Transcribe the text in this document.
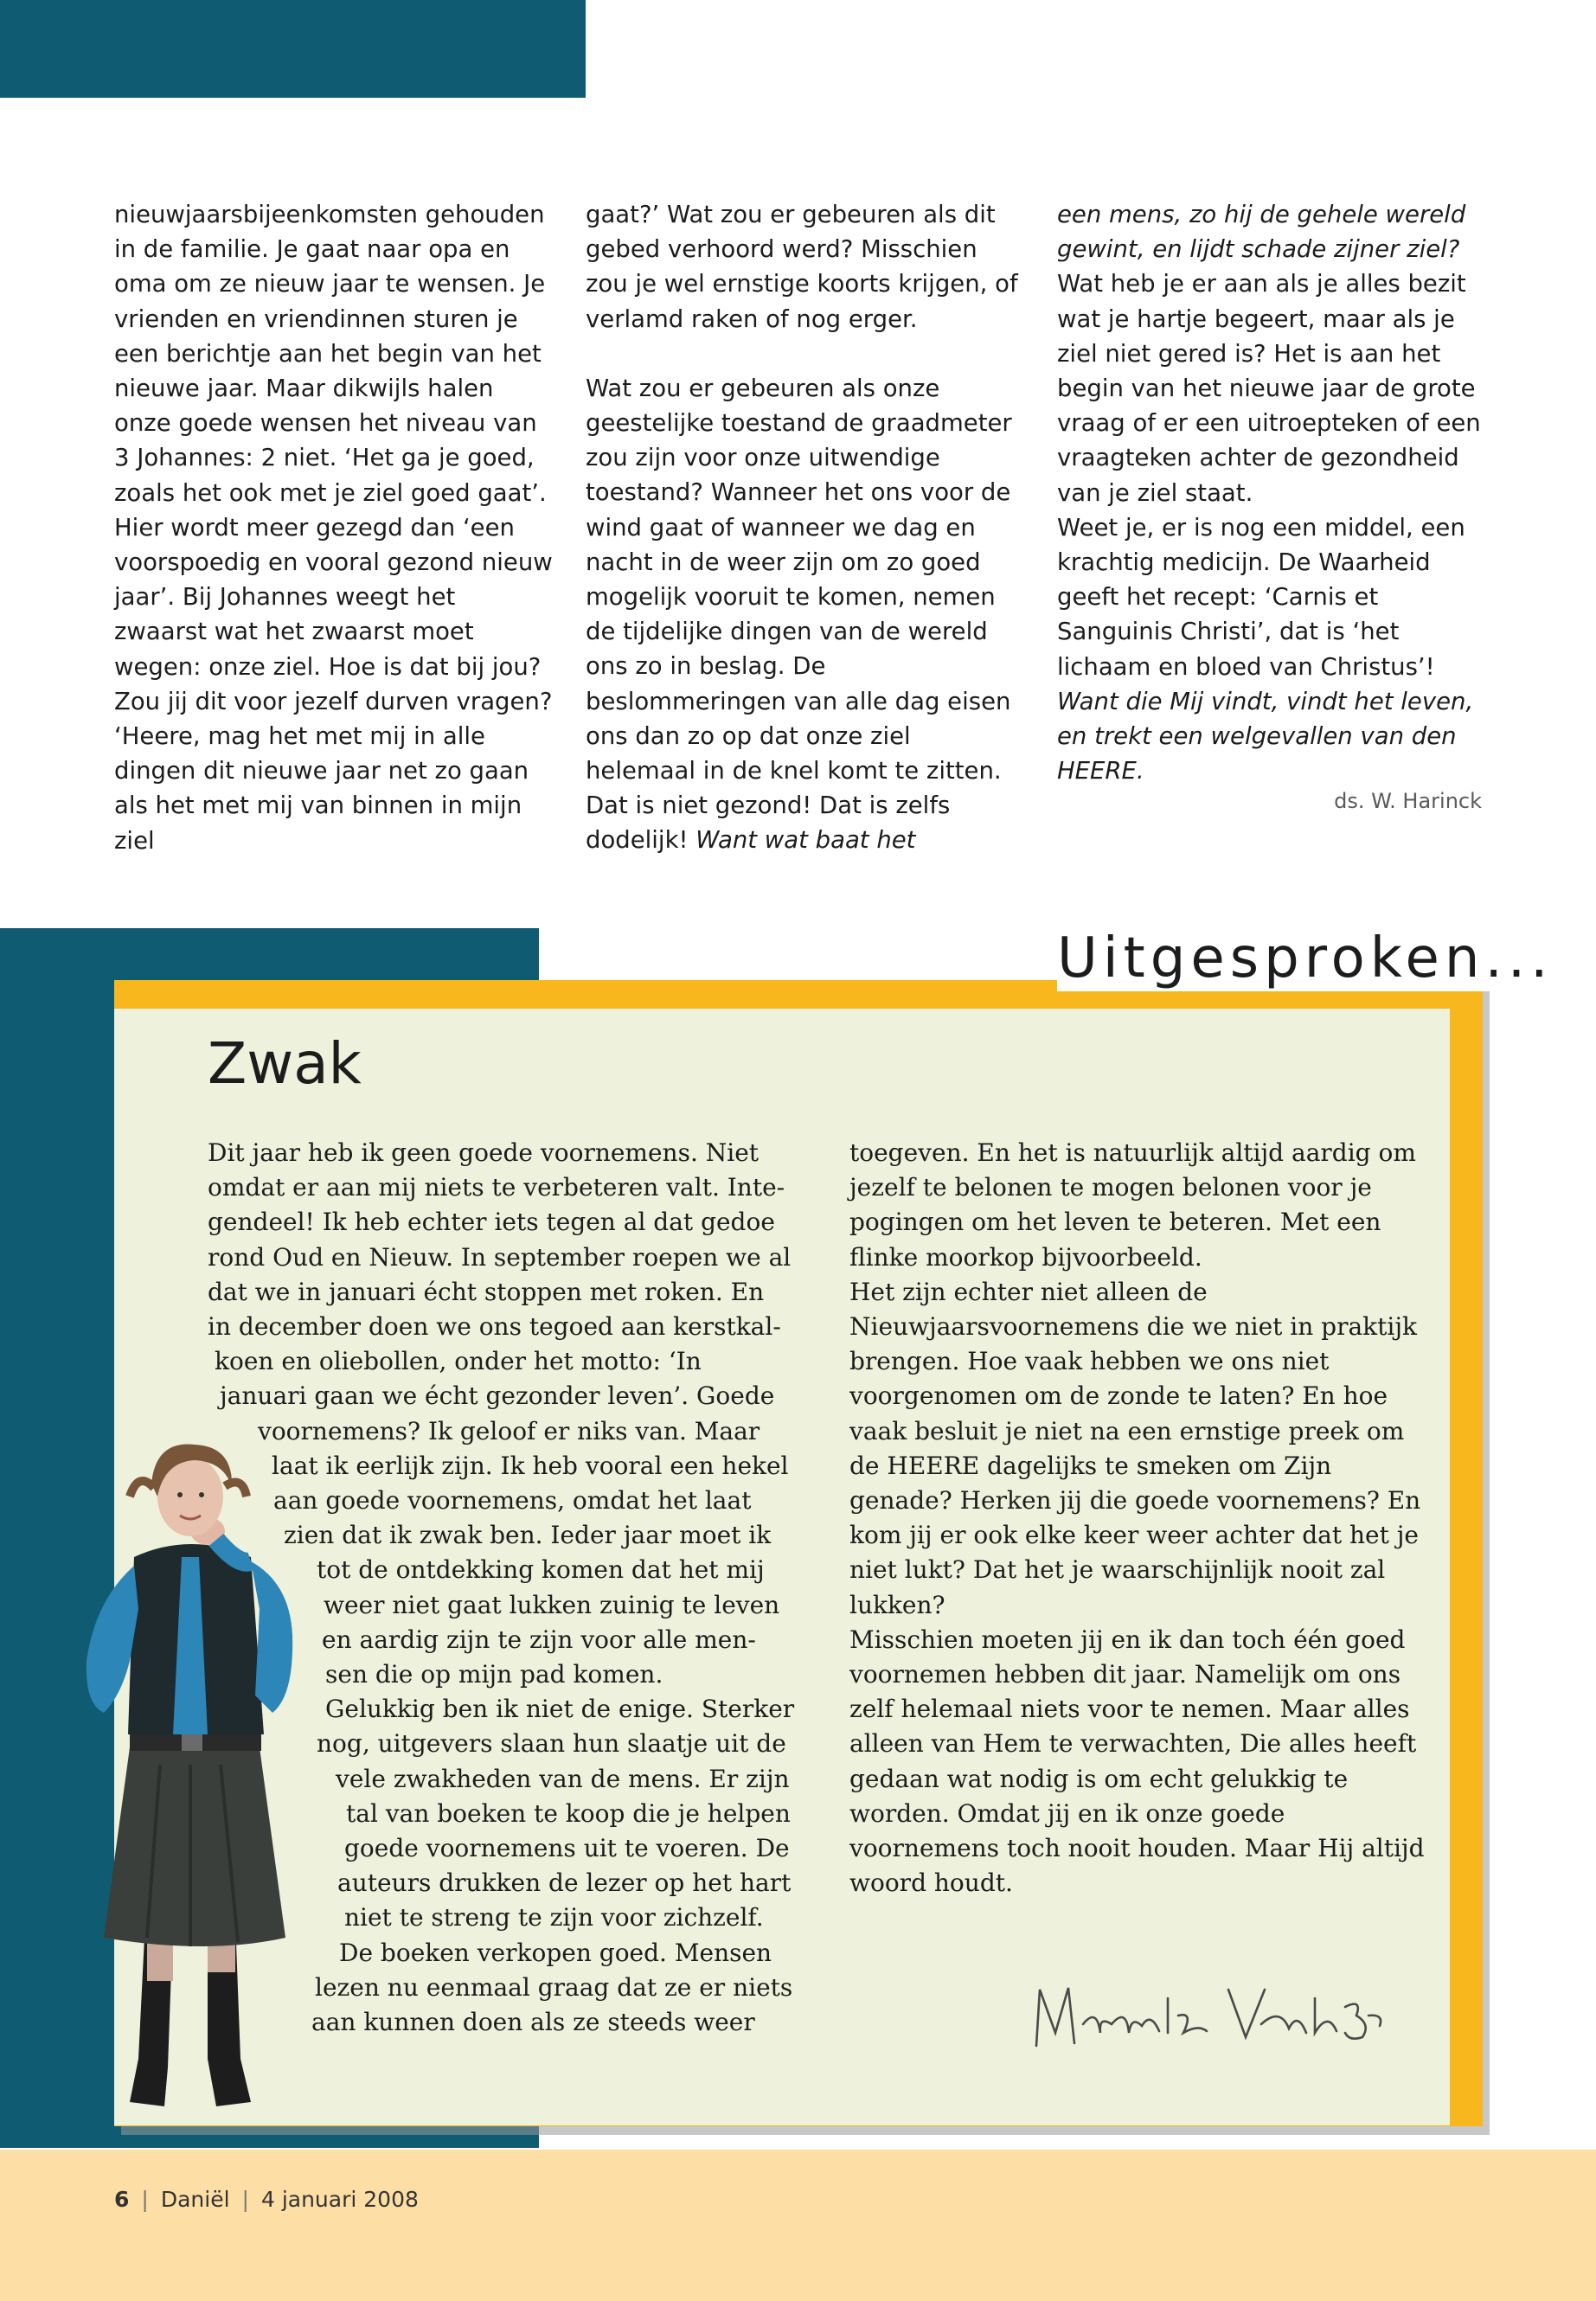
nieuwjaarsbijeenkomsten gehouden in de familie. Je gaat naar opa en oma om ze nieuw jaar te wensen. Je vrienden en vriendinnen sturen je een berichtje aan het begin van het nieuwe jaar. Maar dikwijls halen onze goede wensen het niveau van 3 Johannes: 2 niet. ‘Het ga je goed, zoals het ook met je ziel goed gaat’. Hier wordt meer gezegd dan ‘een voorspoedig en vooral gezond nieuw jaar’. Bij Johannes weegt het zwaarst wat het zwaarst moet wegen: onze ziel. Hoe is dat bij jou? Zou jij dit voor jezelf durven vragen? ‘Heere, mag het met mij in alle dingen dit nieuwe jaar net zo gaan als het met mij van binnen in mijn ziel

gaat?’ Wat zou er gebeuren als dit gebed verhoord werd? Misschien zou je wel ernstige koorts krijgen, of verlamd raken of nog erger.

Wat zou er gebeuren als onze geestelijke toestand de graadmeter zou zijn voor onze uitwendige toestand? Wanneer het ons voor de wind gaat of wanneer we dag en nacht in de weer zijn om zo goed mogelijk vooruit te komen, nemen de tijdelijke dingen van de wereld ons zo in beslag. De beslommeringen van alle dag eisen ons dan zo op dat onze ziel helemaal in de knel komt te zitten. Dat is niet gezond! Dat is zelfs dodelijk! Want wat baat het

een mens, zo hij de gehele wereld gewint, en lijdt schade zijner ziel?

Wat heb je er aan als je alles bezit wat je hartje begeert, maar als je ziel niet gered is? Het is aan het begin van het nieuwe jaar de grote vraag of er een uitroepteken of een vraagteken achter de gezondheid van je ziel staat.

Weet je, er is nog een middel, een krachtig medicijn. De Waarheid geeft het recept: ‘Carnis et Sanguinis Christi’, dat is ‘het lichaam en bloed van Christus’! Want die Mij vindt, vindt het leven, en trekt een welgevallen van den HEERE.

ds. W. Harinck
Uitgesproken...
Zwak
Dit jaar heb ik geen goede voornemens. Niet
omdat er aan mij niets te verbeteren valt. Inte-
gendeel! Ik heb echter iets tegen al dat gedoe
rond Oud en Nieuw. In september roepen we al
dat we in januari écht stoppen met roken. En
in december doen we ons tegoed aan kerstkal-
koen en oliebollen, onder het motto: ‘In
januari gaan we écht gezonder leven’. Goede
voornemens? Ik geloof er niks van. Maar
laat ik eerlijk zijn. Ik heb vooral een hekel
aan goede voornemens, omdat het laat
zien dat ik zwak ben. Ieder jaar moet ik
tot de ontdekking komen dat het mij
weer niet gaat lukken zuinig te leven
en aardig zijn te zijn voor alle men-
sen die op mijn pad komen.
Gelukkig ben ik niet de enige. Sterker
nog, uitgevers slaan hun slaatje uit de
vele zwakheden van de mens. Er zijn
tal van boeken te koop die je helpen
goede voornemens uit te voeren. De
auteurs drukken de lezer op het hart
niet te streng te zijn voor zichzelf.
De boeken verkopen goed. Mensen
lezen nu eenmaal graag dat ze er niets
aan kunnen doen als ze steeds weer

toegeven. En het is natuurlijk altijd aardig om jezelf te belonen te mogen belonen voor je pogingen om het leven te beteren. Met een flinke moorkop bijvoorbeeld.

Het zijn echter niet alleen de Nieuwjaarsvoornemens die we niet in praktijk brengen. Hoe vaak hebben we ons niet voorgenomen om de zonde te laten? En hoe vaak besluit je niet na een ernstige preek om de HEERE dagelijks te smeken om Zijn genade? Herken jij die goede voornemens? En kom jij er ook elke keer weer achter dat het je niet lukt? Dat het je waarschijnlijk nooit zal lukken?

Misschien moeten jij en ik dan toch één goed voornemen hebben dit jaar. Namelijk om ons zelf helemaal niets voor te nemen. Maar alles alleen van Hem te verwachten, Die alles heeft gedaan wat nodig is om echt gelukkig te worden. Omdat jij en ik onze goede voornemens toch nooit houden. Maar Hij altijd woord houdt.

6 | Daniël | 4 januari 2008
